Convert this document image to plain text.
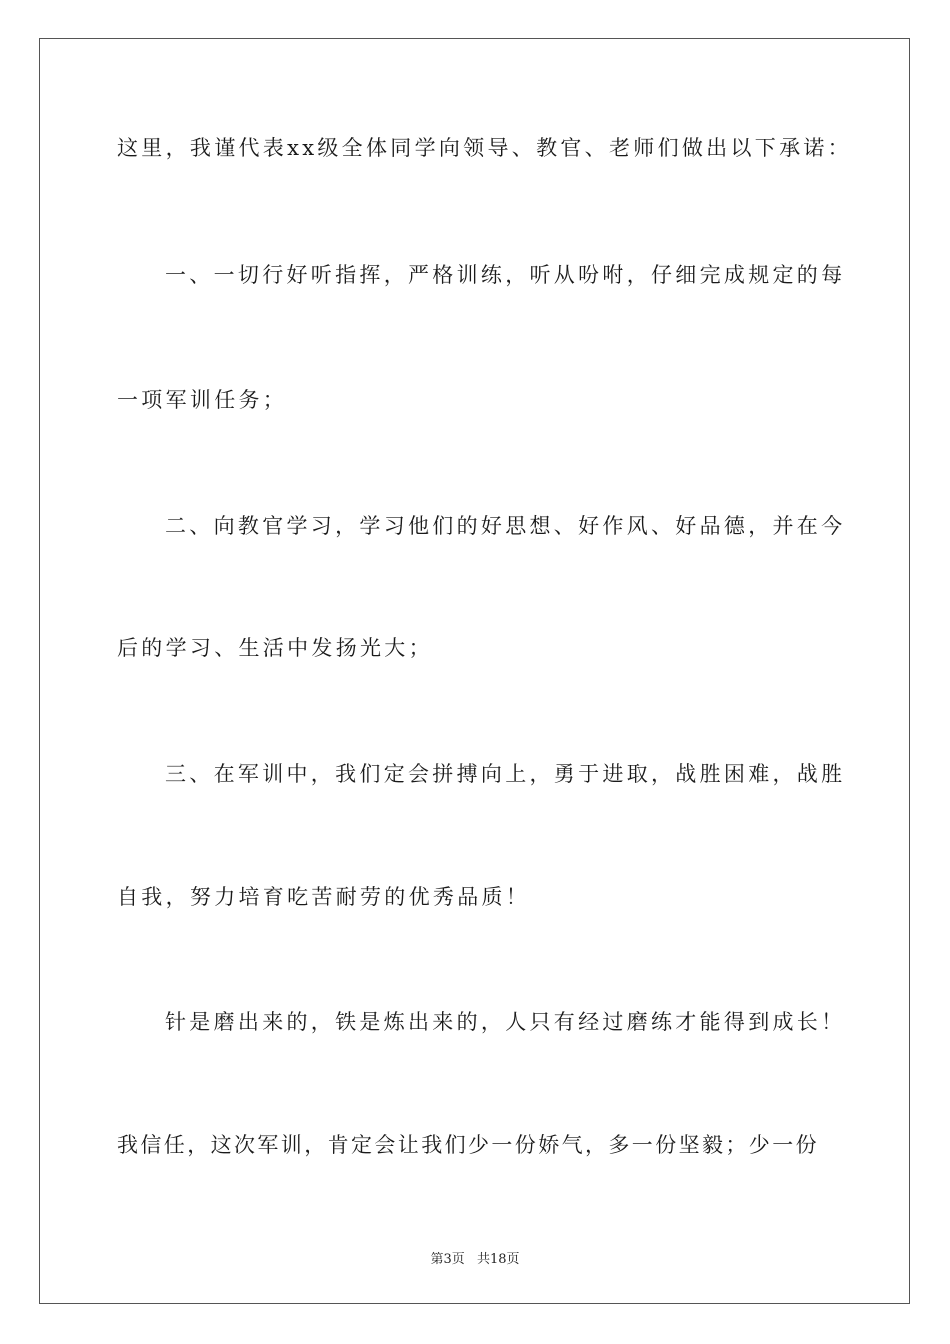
这里，我谨代表xx级全体同学向领导、教官、老师们做出以下承诺：
一、一切行好听指挥，严格训练，听从吩咐，仔细完成规定的每
一项军训任务；
二、向教官学习，学习他们的好思想、好作风、好品德，并在今
后的学习、生活中发扬光大；
三、在军训中，我们定会拼搏向上，勇于进取，战胜困难，战胜
自我，努力培育吃苦耐劳的优秀品质！
针是磨出来的，铁是炼出来的，人只有经过磨练才能得到成长！
我信任，这次军训，肯定会让我们少一份娇气，多一份坚毅；少一份
第3页 共18页
